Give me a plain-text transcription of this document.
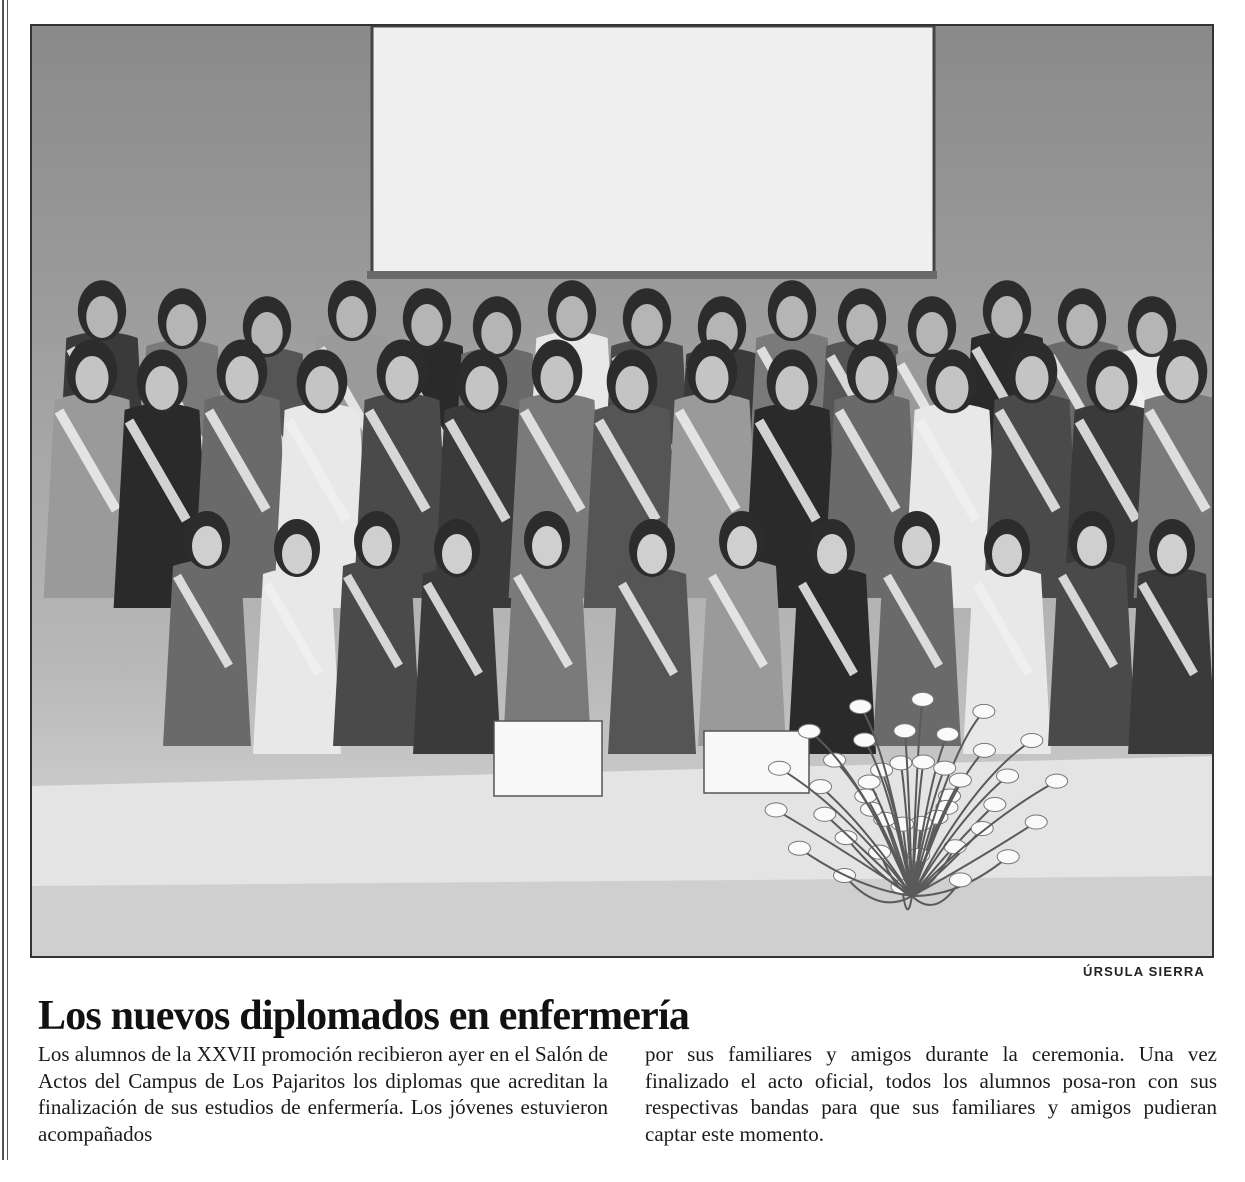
ÚRSULA SIERRA
Los nuevos diplomados en enfermería
Los alumnos de la XXVII promoción recibieron ayer en el Salón de Actos del Campus de Los Pajaritos los diplomas que acreditan la finalización de sus estudios de enfermería. Los jóvenes estuvieron acompañados
por sus familiares y amigos durante la ceremonia. Una vez finalizado el acto oficial, todos los alumnos posa-ron con sus respectivas bandas para que sus familiares y amigos pudieran captar este momento.
